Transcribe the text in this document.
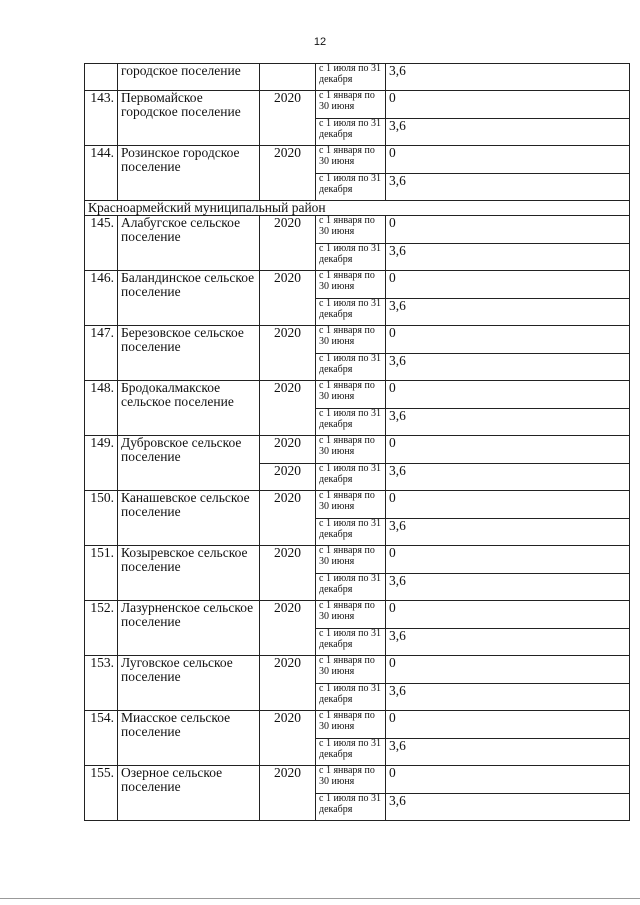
12
	городское поселение		с 1 июля по 31 декабря	3,6
143.	Первомайское городское поселение	2020	с 1 января по 30 июня	0
			с 1 июля по 31 декабря	3,6
144.	Розинское городское поселение	2020	с 1 января по 30 июня	0
			с 1 июля по 31 декабря	3,6
Красноармейский муниципальный район				
145.	Алабугское сельское поселение	2020	с 1 января по 30 июня	0
			с 1 июля по 31 декабря	3,6
146.	Баландинское сельское поселение	2020	с 1 января по 30 июня	0
			с 1 июля по 31 декабря	3,6
147.	Березовское сельское поселение	2020	с 1 января по 30 июня	0
			с 1 июля по 31 декабря	3,6
148.	Бродокалмакское сельское поселение	2020	с 1 января по 30 июня	0
			с 1 июля по 31 декабря	3,6
149.	Дубровское сельское поселение	2020	с 1 января по 30 июня	0
		2020	с 1 июля по 31 декабря	3,6
150.	Канашевское сельское поселение	2020	с 1 января по 30 июня	0
			с 1 июля по 31 декабря	3,6
151.	Козыревское сельское поселение	2020	с 1 января по 30 июня	0
			с 1 июля по 31 декабря	3,6
152.	Лазурненское сельское поселение	2020	с 1 января по 30 июня	0
			с 1 июля по 31 декабря	3,6
153.	Луговское сельское поселение	2020	с 1 января по 30 июня	0
			с 1 июля по 31 декабря	3,6
154.	Миасское сельское поселение	2020	с 1 января по 30 июня	0
			с 1 июля по 31 декабря	3,6
155.	Озерное сельское поселение	2020	с 1 января по 30 июня	0
			с 1 июля по 31 декабря	3,6
